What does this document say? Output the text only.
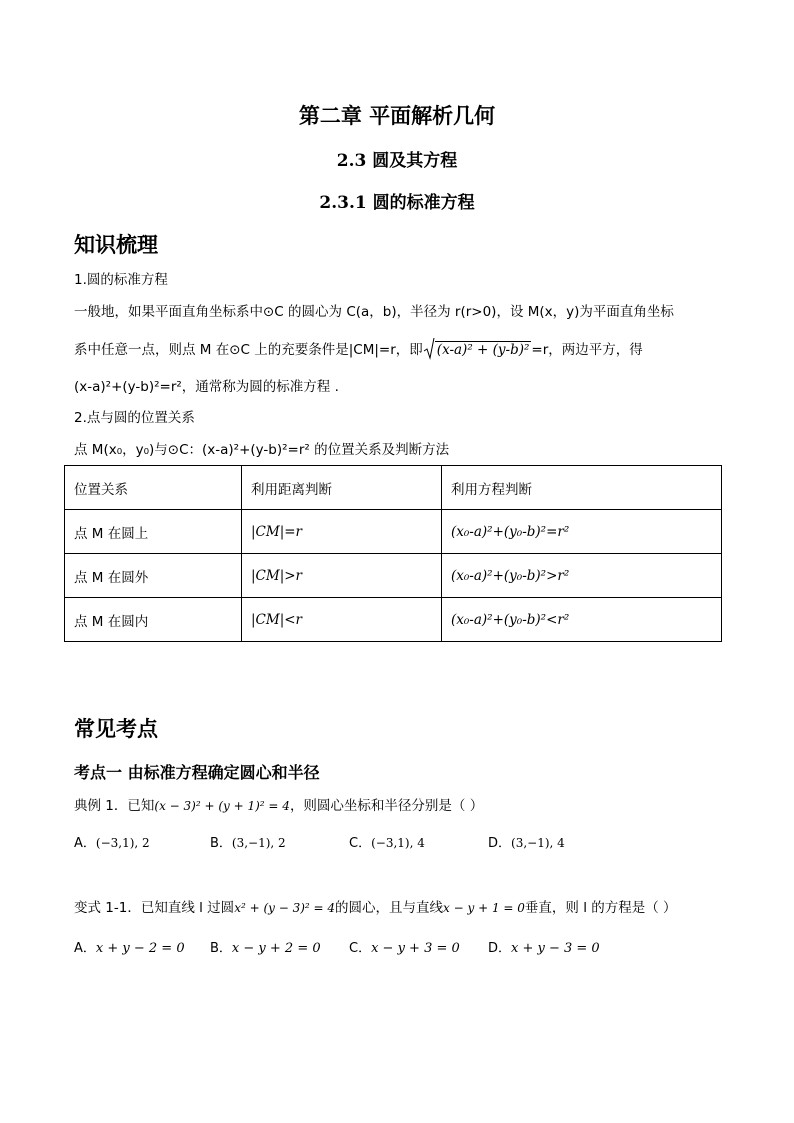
第二章 平面解析几何
2.3 圆及其方程
2.3.1 圆的标准方程
知识梳理
1.圆的标准方程
一般地，如果平面直角坐标系中⊙C 的圆心为 C(a，b)，半径为 r(r>0)，设 M(x，y)为平面直角坐标
系中任意一点，则点 M 在⊙C 上的充要条件是|CM|=r，即 (x-a)² + (y-b)² =r，两边平方，得
(x-a)²+(y-b)²=r²，通常称为圆的标准方程 .
2.点与圆的位置关系
点 M(x₀，y₀)与⊙C：(x-a)²+(y-b)²=r² 的位置关系及判断方法
位置关系	利用距离判断	利用方程判断
点 M 在圆上	|CM|=r	(x₀-a)²+(y₀-b)²=r²
点 M 在圆外	|CM|>r	(x₀-a)²+(y₀-b)²>r²
点 M 在圆内	|CM|<r	(x₀-a)²+(y₀-b)²<r²
常见考点
考点一 由标准方程确定圆心和半径
典例 1．已知(x − 3)² + (y + 1)² = 4，则圆心坐标和半径分别是（ ）
A．(−3,1), 2	B．(3,−1), 2	C．(−3,1), 4	D．(3,−1), 4
变式 1-1．已知直线 l 过圆x² + (y − 3)² = 4的圆心，且与直线x − y + 1 = 0垂直，则 l 的方程是（ ）
A．x + y − 2 = 0 B．x − y + 2 = 0 C．x − y + 3 = 0 D．x + y − 3 = 0
